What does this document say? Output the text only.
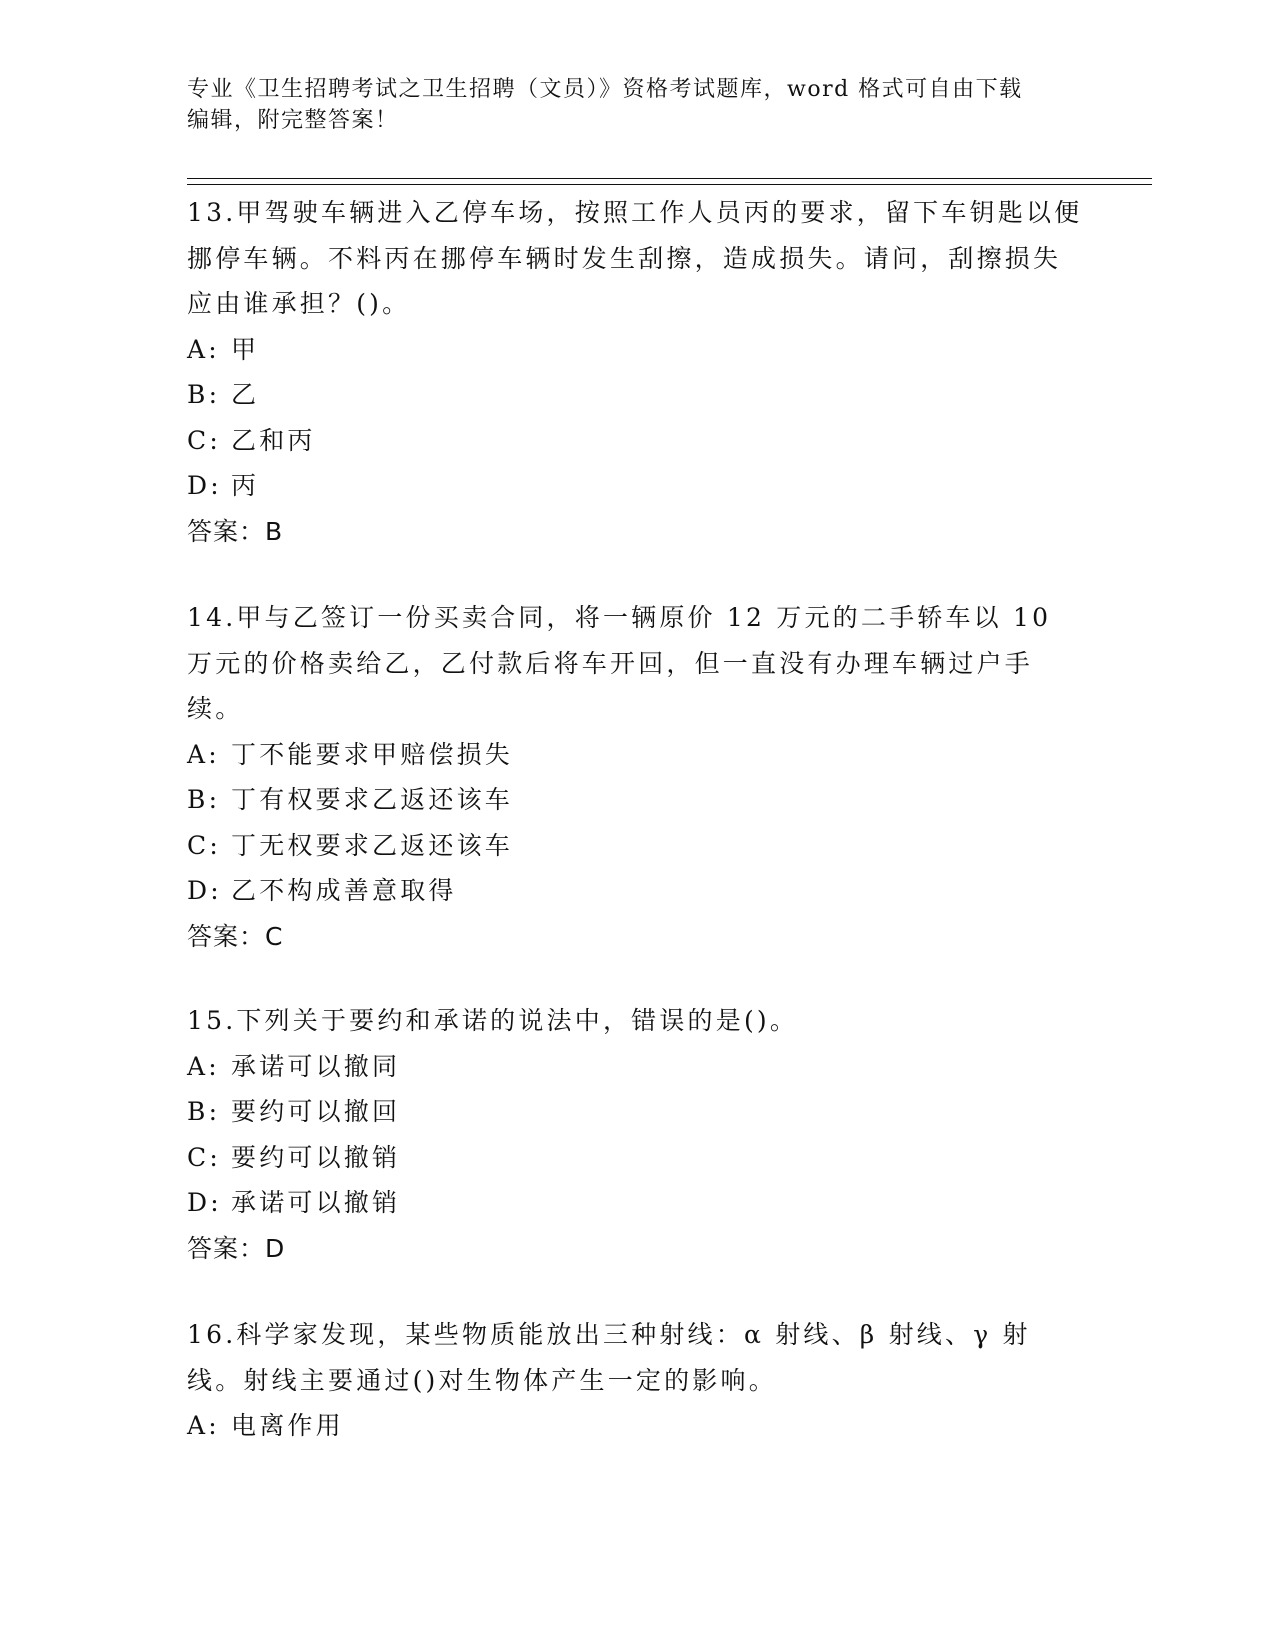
专业《卫生招聘考试之卫生招聘（文员）》资格考试题库，word 格式可自由下载
编辑，附完整答案！

13.甲驾驶车辆进入乙停车场，按照工作人员丙的要求，留下车钥匙以便挪停车辆。不料丙在挪停车辆时发生刮擦，造成损失。请问，刮擦损失应由谁承担？()。

A: 甲

B: 乙

C: 乙和丙

D: 丙

答案：B

14.甲与乙签订一份买卖合同，将一辆原价 12 万元的二手轿车以 10 万元的价格卖给乙，乙付款后将车开回，但一直没有办理车辆过户手续。

A: 丁不能要求甲赔偿损失

B: 丁有权要求乙返还该车

C: 丁无权要求乙返还该车

D: 乙不构成善意取得

答案：C

15.下列关于要约和承诺的说法中，错误的是()。

A: 承诺可以撤同

B: 要约可以撤回

C: 要约可以撤销

D: 承诺可以撤销

答案：D

16.科学家发现，某些物质能放出三种射线：α 射线、β 射线、γ 射线。射线主要通过()对生物体产生一定的影响。

A: 电离作用
